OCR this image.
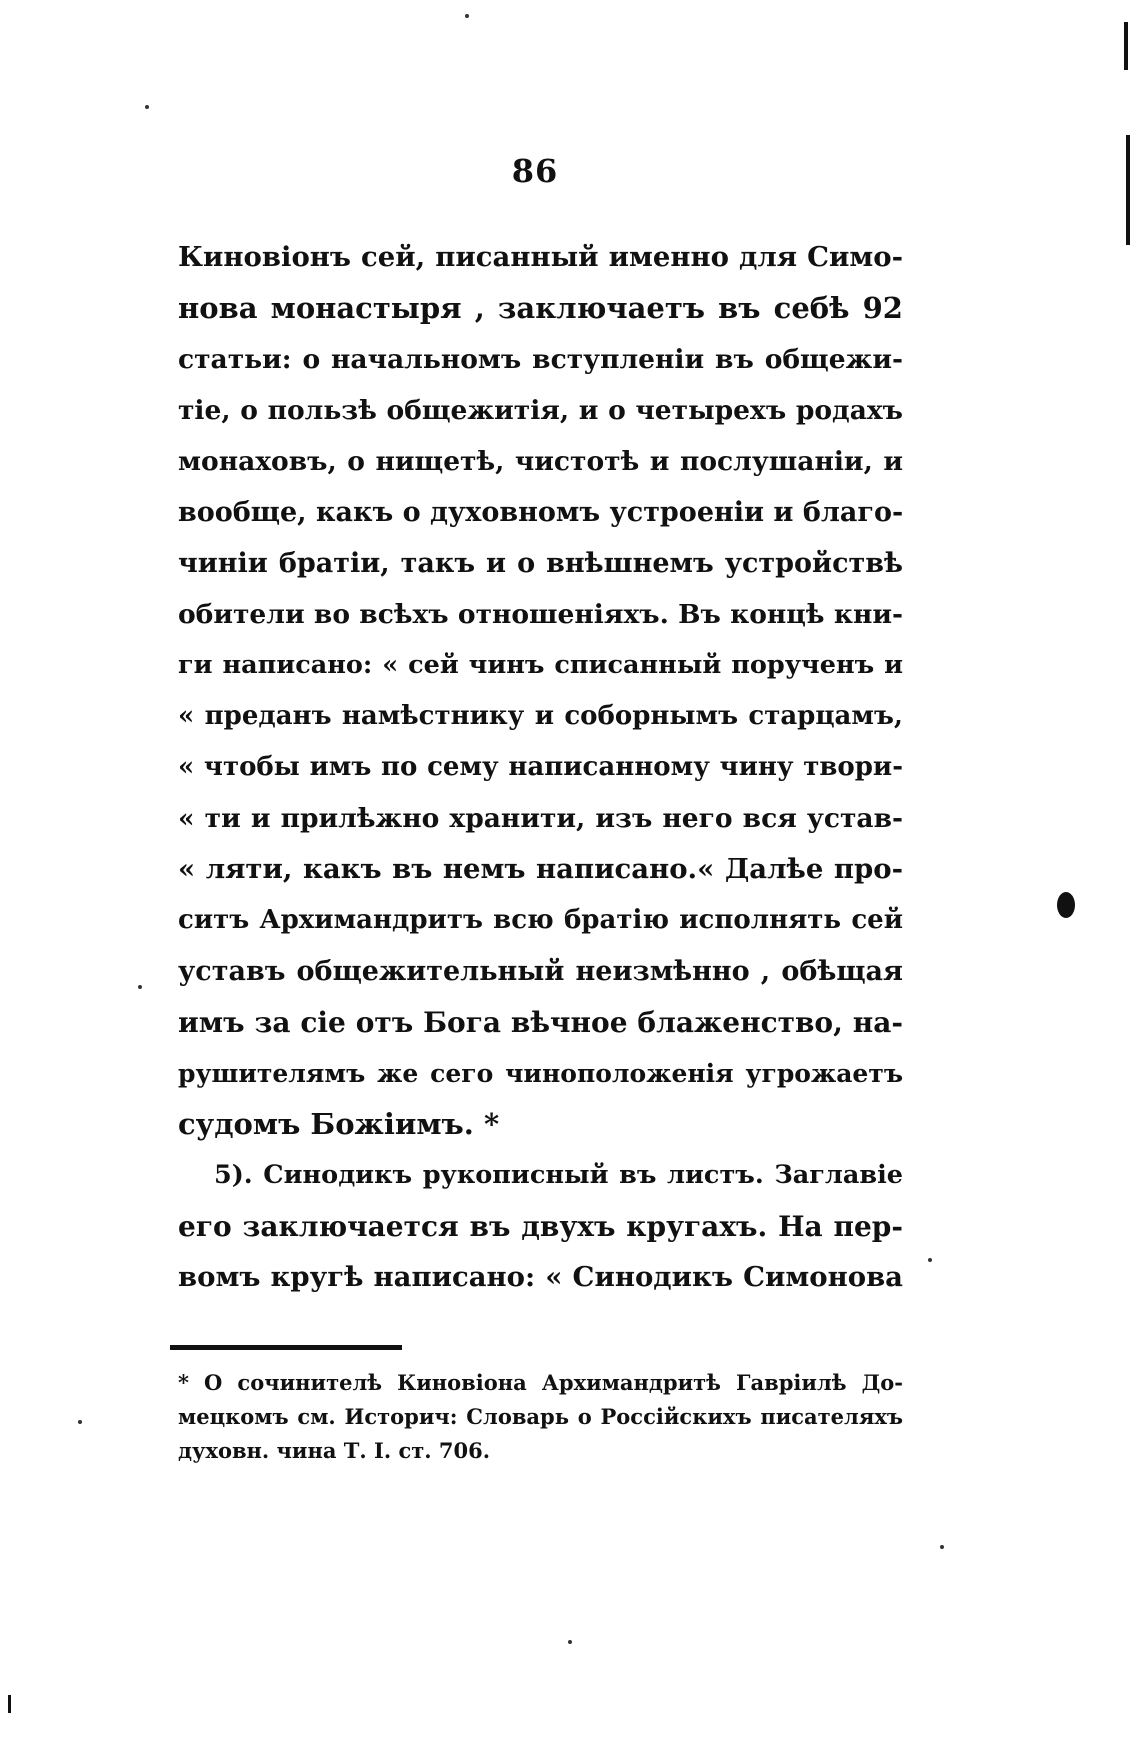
86
Киновіонъ сей, писанный именно для Симо-
нова монастыря , заключаетъ въ себѣ 92
статьи: о начальномъ вступленіи въ общежи-
тіе, о пользѣ общежитія, и о четырехъ родахъ
монаховъ, о нищетѣ, чистотѣ и послушаніи, и
вообще, какъ о духовномъ устроеніи и благо-
чиніи братіи, такъ и о внѣшнемъ устройствѣ
обители во всѣхъ отношеніяхъ. Въ концѣ кни-
ги написано: « сей чинъ списанный порученъ и
« преданъ намѣстнику и соборнымъ старцамъ,
« чтобы имъ по сему написанному чину твори-
« ти и прилѣжно хранити, изъ него вся устав-
« ляти, какъ въ немъ написано.« Далѣе про-
ситъ Архимандритъ всю братію исполнять сей
уставъ общежительный неизмѣнно , обѣщая
имъ за сіе отъ Бога вѣчное блаженство, на-
рушителямъ же сего чиноположенія угрожаетъ
судомъ Божіимъ. *
5). Синодикъ рукописный въ листъ. Заглавіе
его заключается въ двухъ кругахъ. На пер-
вомъ кругѣ написано: « Синодикъ Симонова
* О сочинителѣ Киновіона Архимандритѣ Гавріилѣ До-
мецкомъ см. Историч: Словарь о Россійскихъ писателяхъ
духовн. чина Т. I. ст. 706.
